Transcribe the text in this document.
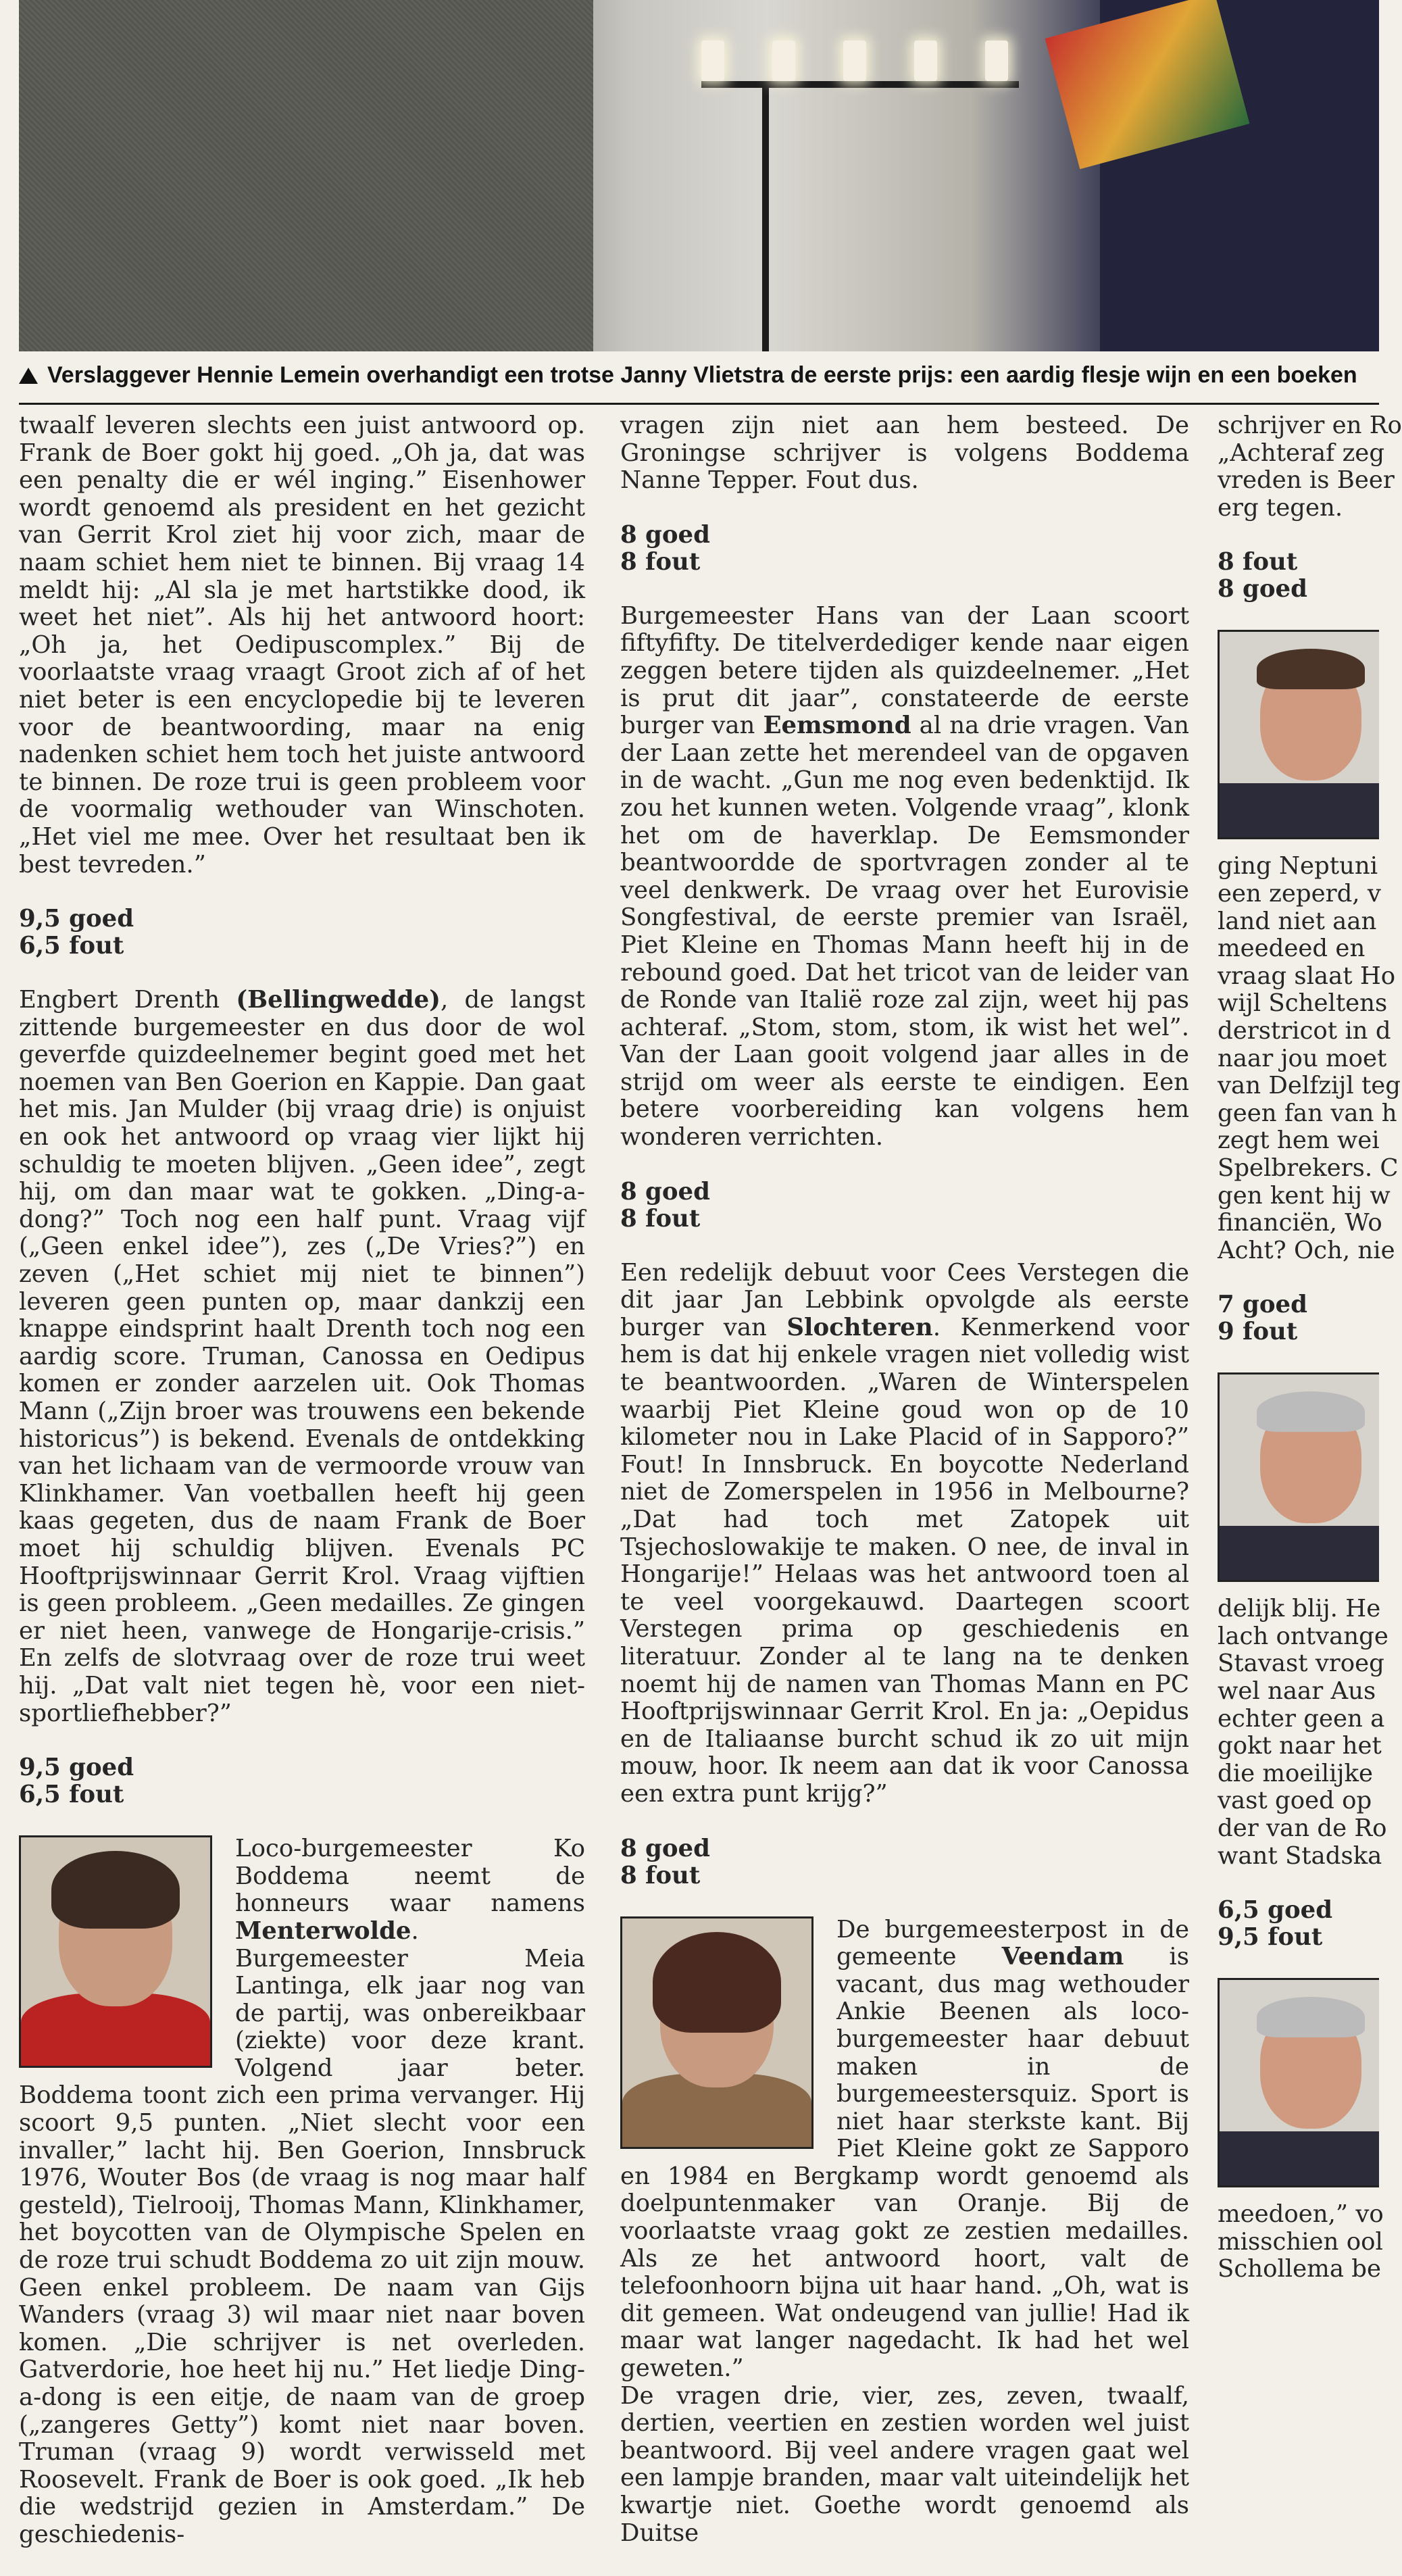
Verslaggever Hennie Lemein overhandigt een trotse Janny Vlietstra de eerste prijs: een aardig flesje wijn en een boeken

twaalf leveren slechts een juist antwoord op. Frank de Boer gokt hij goed. „Oh ja, dat was een penalty die er wél inging.” Eisenhower wordt genoemd als president en het gezicht van Gerrit Krol ziet hij voor zich, maar de naam schiet hem niet te binnen. Bij vraag 14 meldt hij: „Al sla je met hartstikke dood, ik weet het niet”. Als hij het antwoord hoort: „Oh ja, het Oedipuscomplex.” Bij de voorlaatste vraag vraagt Groot zich af of het niet beter is een encyclopedie bij te leveren voor de beantwoording, maar na enig nadenken schiet hem toch het juiste antwoord te binnen. De roze trui is geen probleem voor de voormalig wethouder van Winschoten. „Het viel me mee. Over het resultaat ben ik best tevreden.”

9,5 goed
6,5 fout

Engbert Drenth (Bellingwedde), de langst zittende burgemeester en dus door de wol geverfde quizdeelnemer begint goed met het noemen van Ben Goerion en Kappie. Dan gaat het mis. Jan Mulder (bij vraag drie) is onjuist en ook het antwoord op vraag vier lijkt hij schuldig te moeten blijven. „Geen idee”, zegt hij, om dan maar wat te gokken. „Ding-a-dong?” Toch nog een half punt. Vraag vijf („Geen enkel idee”), zes („De Vries?”) en zeven („Het schiet mij niet te binnen”) leveren geen punten op, maar dankzij een knappe eindsprint haalt Drenth toch nog een aardig score. Truman, Canossa en Oedipus komen er zonder aarzelen uit. Ook Thomas Mann („Zijn broer was trouwens een bekende historicus”) is bekend. Evenals de ontdekking van het lichaam van de vermoorde vrouw van Klinkhamer. Van voetballen heeft hij geen kaas gegeten, dus de naam Frank de Boer moet hij schuldig blijven. Evenals PC Hooftprijswinnaar Gerrit Krol. Vraag vijftien is geen probleem. „Geen medailles. Ze gingen er niet heen, vanwege de Hongarije-crisis.” En zelfs de slotvraag over de roze trui weet hij. „Dat valt niet tegen hè, voor een niet-sportliefhebber?”

9,5 goed
6,5 fout

Loco-burgemeester Ko Boddema neemt de honneurs waar namens Menterwolde. Burgemeester Meia Lantinga, elk jaar nog van de partij, was onbereikbaar (ziekte) voor deze krant. Volgend jaar beter. Boddema toont zich een prima vervanger. Hij scoort 9,5 punten. „Niet slecht voor een invaller,” lacht hij. Ben Goerion, Innsbruck 1976, Wouter Bos (de vraag is nog maar half gesteld), Tielrooij, Thomas Mann, Klinkhamer, het boycotten van de Olympische Spelen en de roze trui schudt Boddema zo uit zijn mouw. Geen enkel probleem. De naam van Gijs Wanders (vraag 3) wil maar niet naar boven komen. „Die schrijver is net overleden. Gatverdorie, hoe heet hij nu.” Het liedje Ding-a-dong is een eitje, de naam van de groep („zangeres Getty”) komt niet naar boven. Truman (vraag 9) wordt verwisseld met Roosevelt. Frank de Boer is ook goed. „Ik heb die wedstrijd gezien in Amsterdam.” De geschiedenis-

vragen zijn niet aan hem besteed. De Groningse schrijver is volgens Boddema Nanne Tepper. Fout dus.

8 goed
8 fout

Burgemeester Hans van der Laan scoort fiftyfifty. De titelverdediger kende naar eigen zeggen betere tijden als quizdeelnemer. „Het is prut dit jaar”, constateerde de eerste burger van Eemsmond al na drie vragen. Van der Laan zette het merendeel van de opgaven in de wacht. „Gun me nog even bedenktijd. Ik zou het kunnen weten. Volgende vraag”, klonk het om de haverklap. De Eemsmonder beantwoordde de sportvragen zonder al te veel denkwerk. De vraag over het Eurovisie Songfestival, de eerste premier van Israël, Piet Kleine en Thomas Mann heeft hij in de rebound goed. Dat het tricot van de leider van de Ronde van Italië roze zal zijn, weet hij pas achteraf. „Stom, stom, stom, ik wist het wel”. Van der Laan gooit volgend jaar alles in de strijd om weer als eerste te eindigen. Een betere voorbereiding kan volgens hem wonderen verrichten.

8 goed
8 fout

Een redelijk debuut voor Cees Verstegen die dit jaar Jan Lebbink opvolgde als eerste burger van Slochteren. Kenmerkend voor hem is dat hij enkele vragen niet volledig wist te beantwoorden. „Waren de Winterspelen waarbij Piet Kleine goud won op de 10 kilometer nou in Lake Placid of in Sapporo?” Fout! In Innsbruck. En boycotte Nederland niet de Zomerspelen in 1956 in Melbourne? „Dat had toch met Zatopek uit Tsjechoslowakije te maken. O nee, de inval in Hongarije!” Helaas was het antwoord toen al te veel voorgekauwd. Daartegen scoort Verstegen prima op geschiedenis en literatuur. Zonder al te lang na te denken noemt hij de namen van Thomas Mann en PC Hooftprijswinnaar Gerrit Krol. En ja: „Oepidus en de Italiaanse burcht schud ik zo uit mijn mouw, hoor. Ik neem aan dat ik voor Canossa een extra punt krijg?”

8 goed
8 fout

De burgemeesterpost in de gemeente Veendam is vacant, dus mag wethouder Ankie Beenen als loco-burgemeester haar debuut maken in de burgemeestersquiz. Sport is niet haar sterkste kant. Bij Piet Kleine gokt ze Sapporo en 1984 en Bergkamp wordt genoemd als doelpuntenmaker van Oranje. Bij de voorlaatste vraag gokt ze zestien medailles. Als ze het antwoord hoort, valt de telefoonhoorn bijna uit haar hand. „Oh, wat is dit gemeen. Wat ondeugend van jullie! Had ik maar wat langer nagedacht. Ik had het wel geweten.”

De vragen drie, vier, zes, zeven, twaalf, dertien, veertien en zestien worden wel juist beantwoord. Bij veel andere vragen gaat wel een lampje branden, maar valt uiteindelijk het kwartje niet. Goethe wordt genoemd als Duitse

schrijver en Ro
„Achteraf zeg
vreden is Beer
erg tegen.
8 fout
8 goed
ging Neptuni
een zeperd, v
land niet aan
meedeed en
vraag slaat Ho
wijl Scheltens
derstricot in d
naar jou moet
van Delfzijl teg
geen fan van h
zegt hem wei
Spelbrekers. C
gen kent hij w
financiën, Wo
Acht? Och, nie
7 goed
9 fout
delijk blij. He
lach ontvange
Stavast vroeg
wel naar Aus
echter geen a
gokt naar het
die moeilijke
vast goed op
der van de Ro
want Stadska
6,5 goed
9,5 fout
meedoen,” vo
misschien ool
Schollema be
